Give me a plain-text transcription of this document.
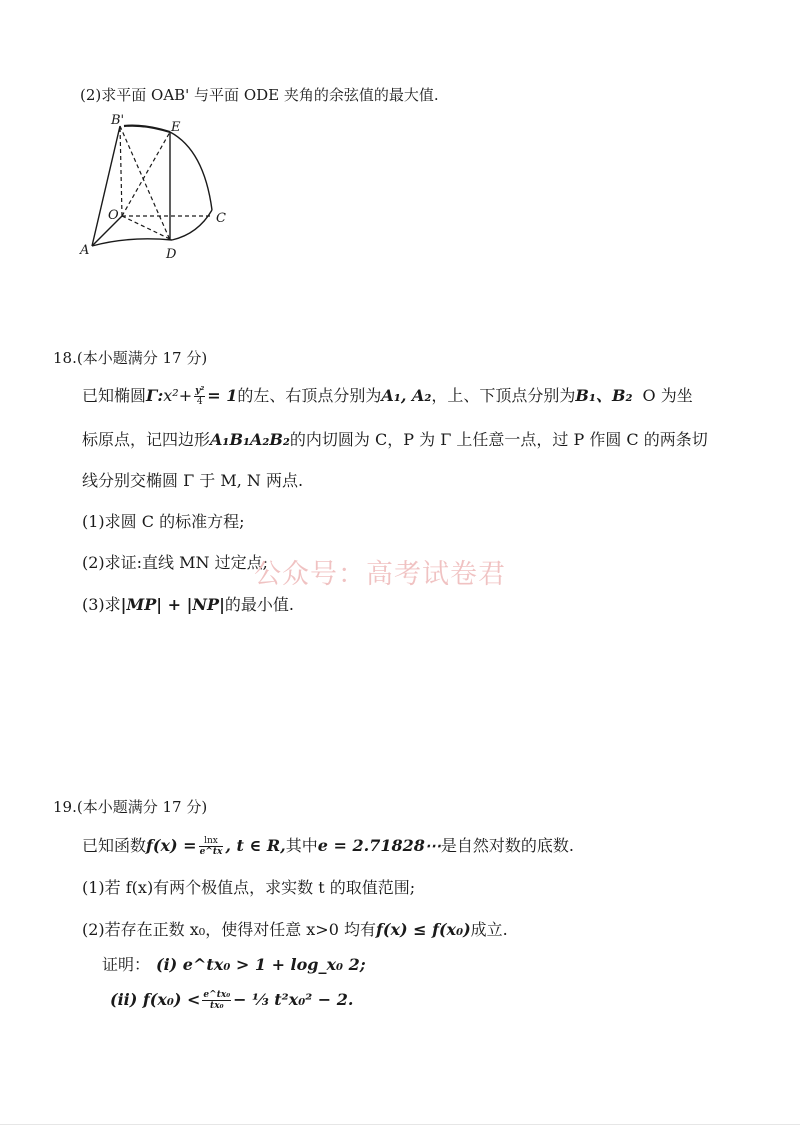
(2)求平面 OAB' 与平面 ODE 夹角的余弦值的最大值.
B'	E
O	C
A	D
18.(本小题满分 17 分)
已知椭圆Γ:x²+ $\frac{\text{y²}}{4} = 1$的左、右顶点分别为A₁, A₂，上、下顶点分别为B₁、B₂ O 为坐
标原点，记四边形A₁B₁A₂B₂的内切圆为 C，P 为 Γ 上任意一点，过 P 作圆 C 的两条切
线分别交椭圆 Γ 于 M, N 两点.
(1)求圆 C 的标准方程;
(2)求证:直线 MN 过定点;
(3)求|MP| + |NP|的最小值.
公众号：高考试卷君
19.(本小题满分 17 分)
已知函数$f(x) = \frac{\ln x}{e\^{}tx}$ , t ∈ R,其中e = 2.71828⋯是自然对数的底数.
(1)若 f(x)有两个极值点，求实数 t 的取值范围;
(2)若存在正数 x₀，使得对任意 x>0 均有f(x) ≤ f(x₀)成立.
证明： (i) e^tx₀ > 1 + log_x₀ 2;
(ii) $f(x_0) < \frac{\text{e\textasciicircum{}tx₀}}{\text{tx₀}}$ − ⅓ t²x₀² − 2.
